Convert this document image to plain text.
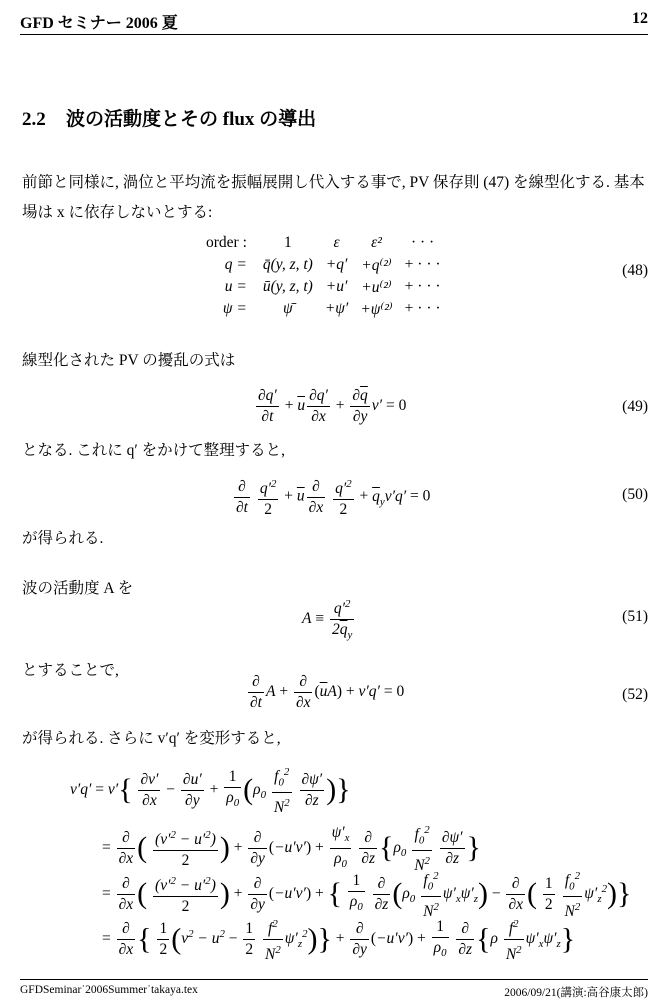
GFD セミナー 2006 夏	12
2.2 波の活動度とその flux の導出
前節と同様に, 渦位と平均流を振幅展開し代入する事で, PV 保存則 (47) を線型化する. 基本場は x に依存しないとする:
order :	1	ε	ε²	· · ·
q =	q̄(y, z, t)	+q′	+q⁽²⁾	+ · · ·
u =	ū(y, z, t)	+u′	+u⁽²⁾	+ · · ·
ψ =	ψ̄	+ψ′	+ψ⁽²⁾	+ · · ·
(48)
線型化された PV の擾乱の式は
$\frac{\partial q'}{\partial t} + \overline{u} \frac{\partial q'}{\partial x} + \frac{\partial\overline{q}}{\partial y} v' = 0$	(49)
となる. これに q′ をかけて整理すると,
$\frac{\partial}{\partial t}$
$\frac{q'^2}{2} + \overline{u} \frac{\partial}{\partial x}$
$\frac{q'^2}{2} + \overline{q}_yv'q' = 0$	(50)
が得られる.
波の活動度 A を
$A \equiv \frac{q'^2}{2\overline{q}_y}$	(51)
とすることで,
$\frac{\partial}{\partial t}$ $A + \frac{\partial}{\partial x} (\overline{u}A) + v'q' = 0$	(52)
が得られる. さらに v′q′ を変形すると,
$v'q' = v'\{ \frac{\partial v'}{\partial x} - \frac{\partial u'}{\partial y} + \frac{1}{\rho_0} (\rho_0 \frac{f_0^2}{N^2}$
$\frac{\partial\psi'}{\partial z}$ )}
= $\frac{\partial}{\partial x}$ ( $\frac{(v'^2 - u'^2)}{2}$ ) + $\frac{\partial}{\partial y} (-u'v') + \frac{\psi'_x}{\rho_0}$
$\frac{\partial}{\partial z} \{\rho_0 \frac{f_0^2}{N^2}$
$\frac{\partial\psi'}{\partial z}$ }
= $\frac{\partial}{\partial x}$ ( $\frac{(v'^2 - u'^2)}{2}$ ) + $\frac{\partial}{\partial y} (-u'v')$ + { $\frac{1}{\rho_0}$
$\frac{\partial}{\partial z} (\rho_0 \frac{f_0^2}{N^2} \psi'_x\psi'_z) - \frac{\partial}{\partial x}$ ( $\frac{1}{2}$
$\frac{f_0^2}{N^2} \psi'_z^2$)}
= $\frac{\partial}{\partial x}$ { $\frac{1}{2} (v^2 - u^2 - \frac{1}{2}$
$\frac{f^2}{N^2} \psi'_z^2)\} + \frac{\partial}{\partial y} (-u'v') + \frac{1}{\rho_0}$
$\frac{\partial}{\partial z} \{\rho \frac{f^2}{N^2} \psi'_x\psi'_z\}$
GFDSeminar˙2006Summer˙takaya.tex	2006/09/21(講演:高谷康太郎)
